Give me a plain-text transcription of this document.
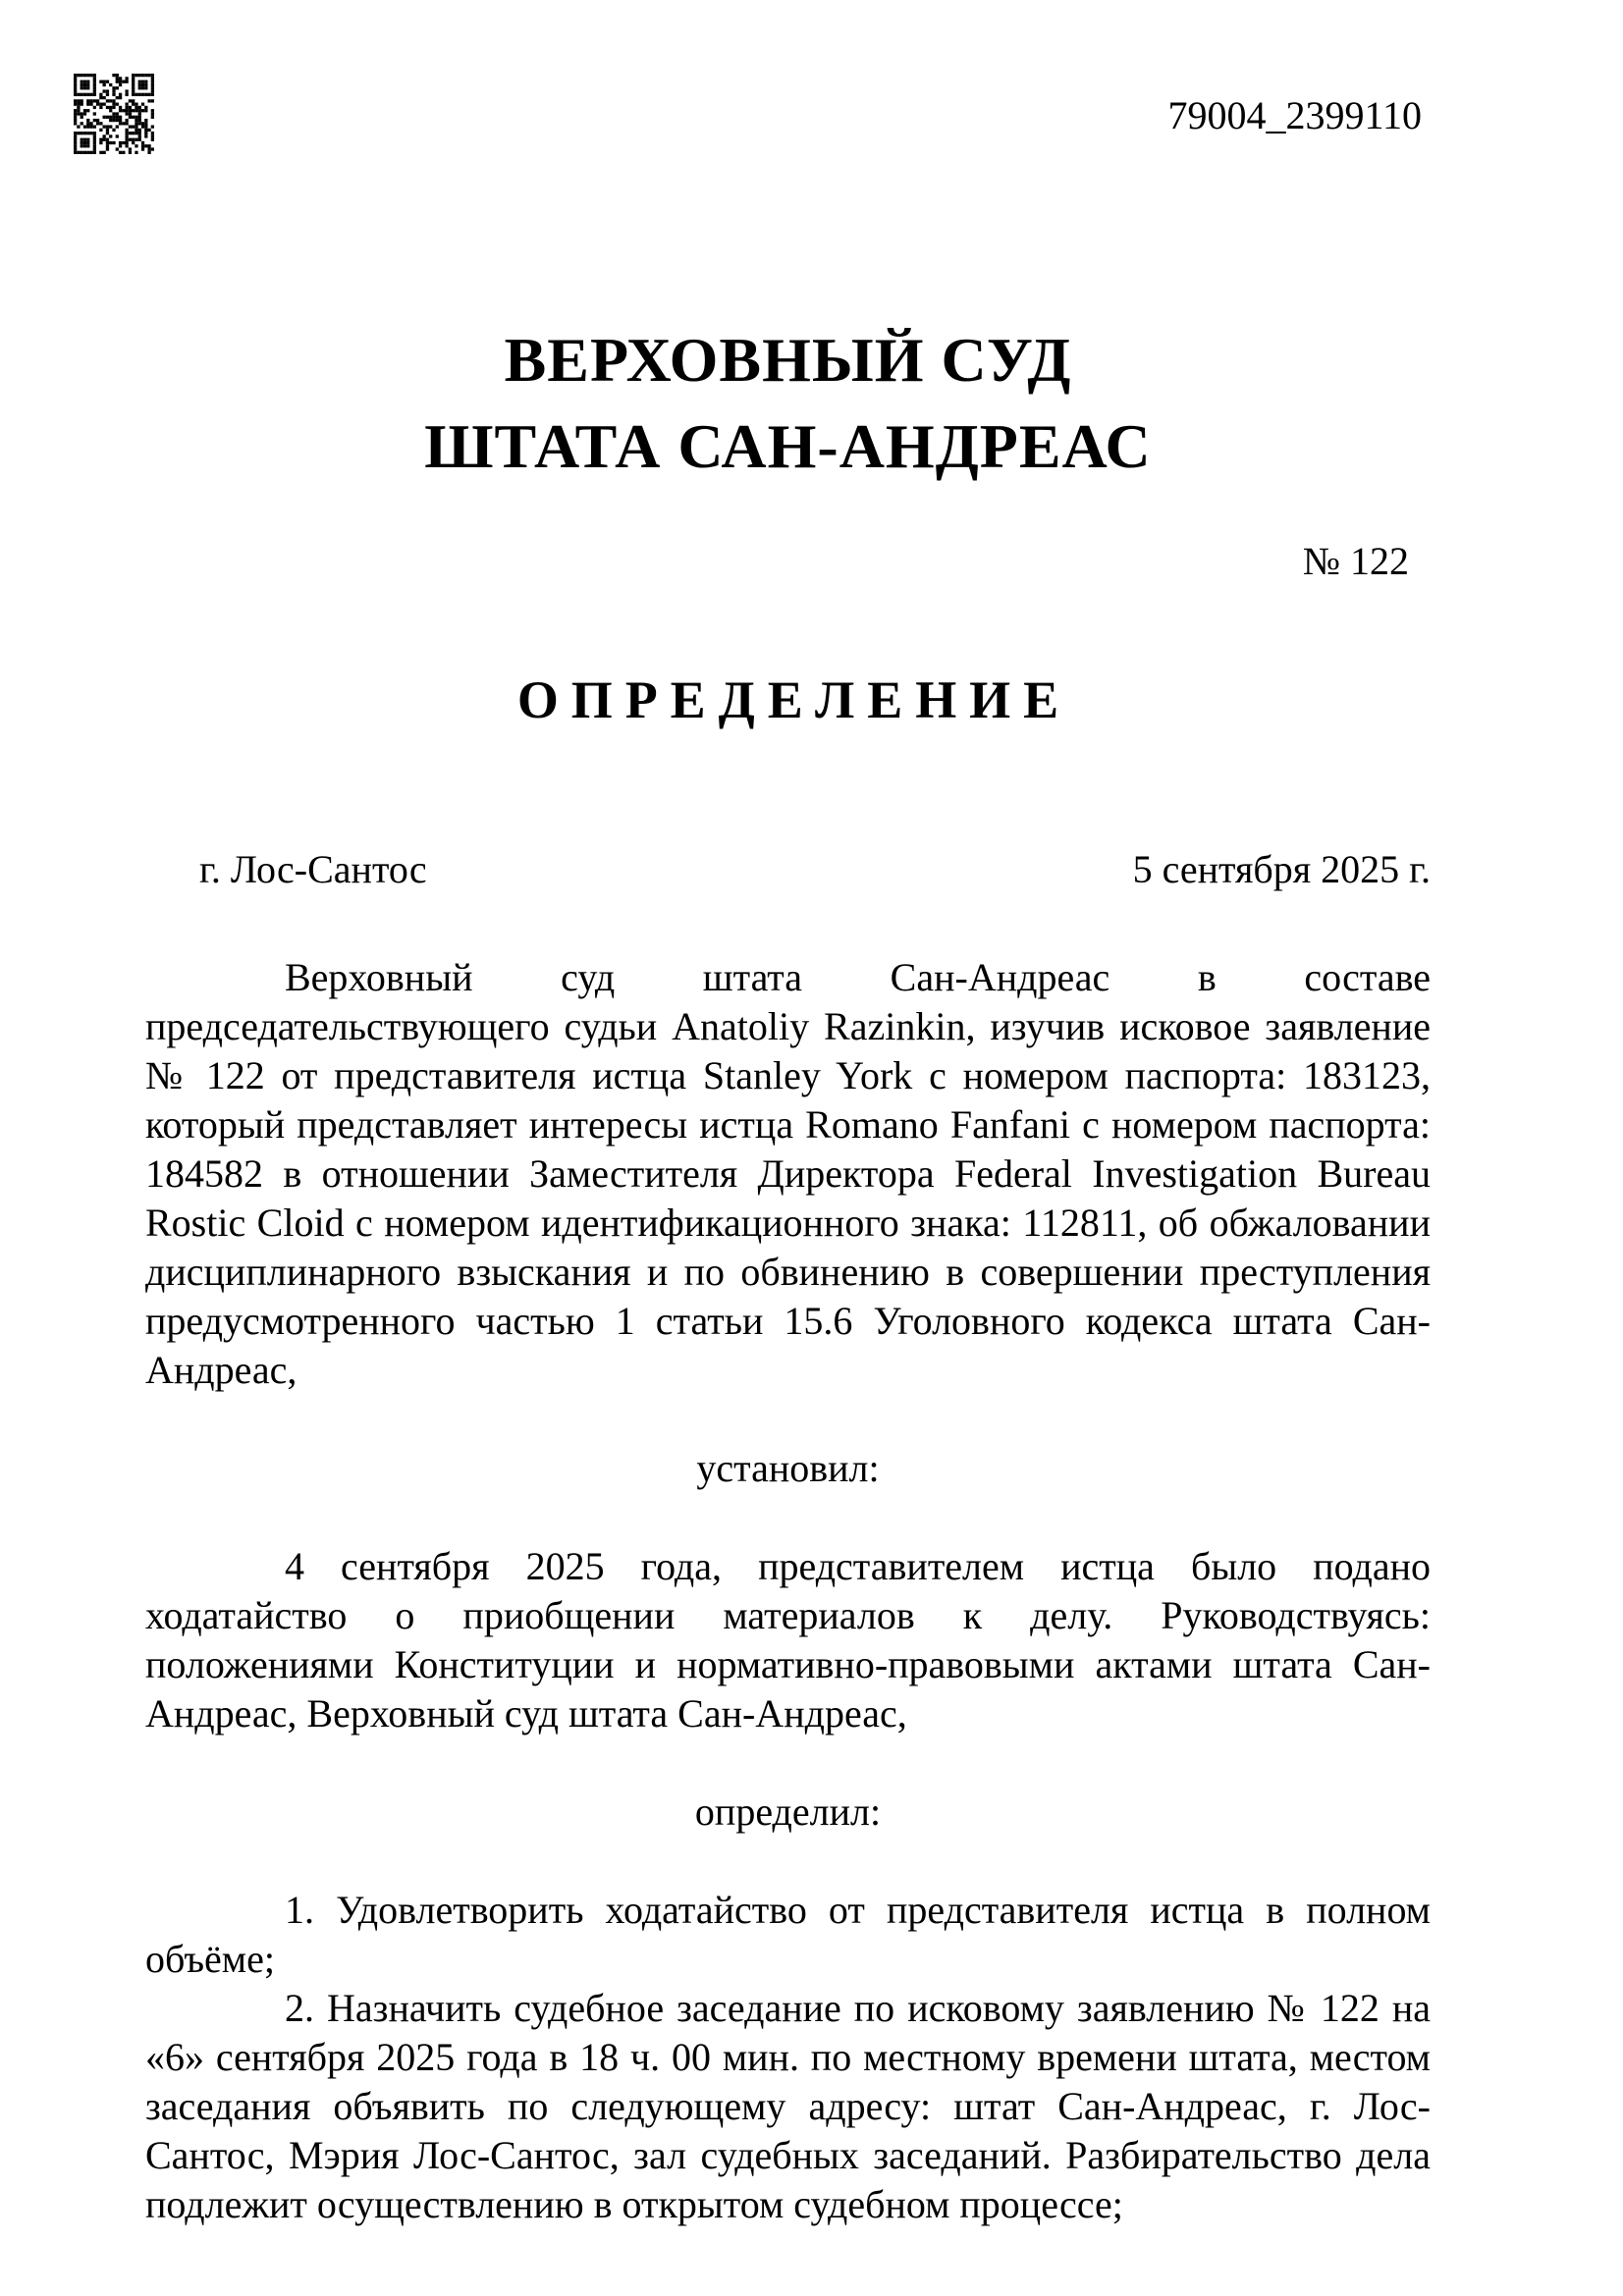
79004_2399110
ВЕРХОВНЫЙ СУД
ШТАТА САН-АНДРЕАС
№ 122
ОПРЕДЕЛЕНИЕ
г. Лос-Сантос	5 сентября 2025 г.

Верховный суд штата Сан-Андреас в составе председательствующего судьи Anatoliy Razinkin, изучив исковое заявление № 122 от представителя истца Stanley York с номером паспорта: 183123, который представляет интересы истца Romano Fanfani с номером паспорта: 184582 в отношении Заместителя Директора Federal Investigation Bureau Rostic Cloid с номером идентификационного знака: 112811, об обжаловании дисциплинарного взыскания и по обвинению в совершении преступления предусмотренного частью 1 статьи 15.6 Уголовного кодекса штата Сан-Андреас,

установил:

4 сентября 2025 года, представителем истца было подано ходатайство о приобщении материалов к делу. Руководствуясь: положениями Конституции и нормативно-правовыми актами штата Сан-Андреас, Верховный суд штата Сан-Андреас,

определил:

1. Удовлетворить ходатайство от представителя истца в полном объёме;

2. Назначить судебное заседание по исковому заявлению № 122 на «6» сентября 2025 года в 18 ч. 00 мин. по местному времени штата, местом заседания объявить по следующему адресу: штат Сан-Андреас, г. Лос-Сантос, Мэрия Лос-Сантос, зал судебных заседаний. Разбирательство дела подлежит осуществлению в открытом судебном процессе;
